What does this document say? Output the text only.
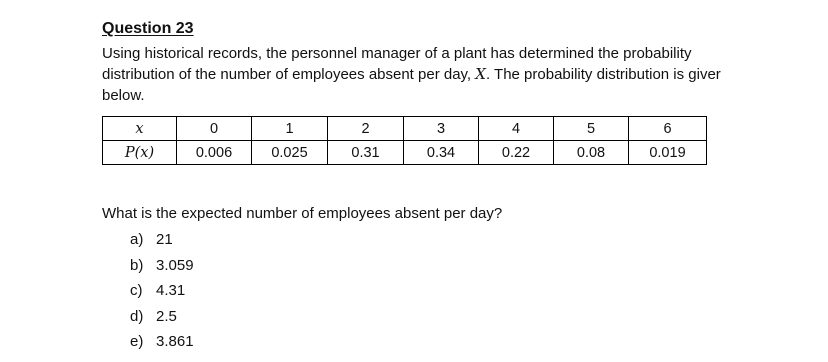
Question 23
Using historical records, the personnel manager of a plant has determined the probability
distribution of the number of employees absent per day, X. The probability distribution is giver
below.
x	0	1	2	3	4	5	6
P(x)	0.006	0.025	0.31	0.34	0.22	0.08	0.019
What is the expected number of employees absent per day?
a) 21
b) 3.059
c) 4.31
d) 2.5
e) 3.861
